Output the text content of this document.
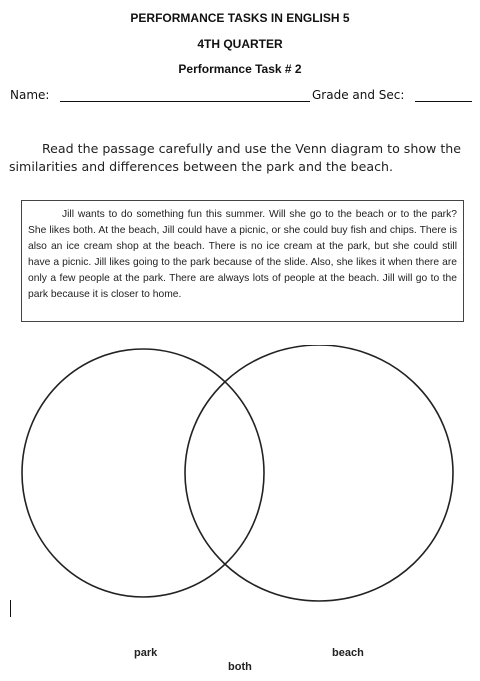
PERFORMANCE TASKS IN ENGLISH 5
4TH QUARTER
Performance Task # 2
Name:	Grade and Sec:
Read the passage carefully and use the Venn diagram to show the similarities and differences between the park and the beach.
Jill wants to do something fun this summer. Will she go to the beach or to the park? She likes both. At the beach, Jill could have a picnic, or she could buy fish and chips. There is also an ice cream shop at the beach. There is no ice cream at the park, but she could still have a picnic. Jill likes going to the park because of the slide. Also, she likes it when there are only a few people at the park. There are always lots of people at the beach. Jill will go to the park because it is closer to home.
park	beach
both
